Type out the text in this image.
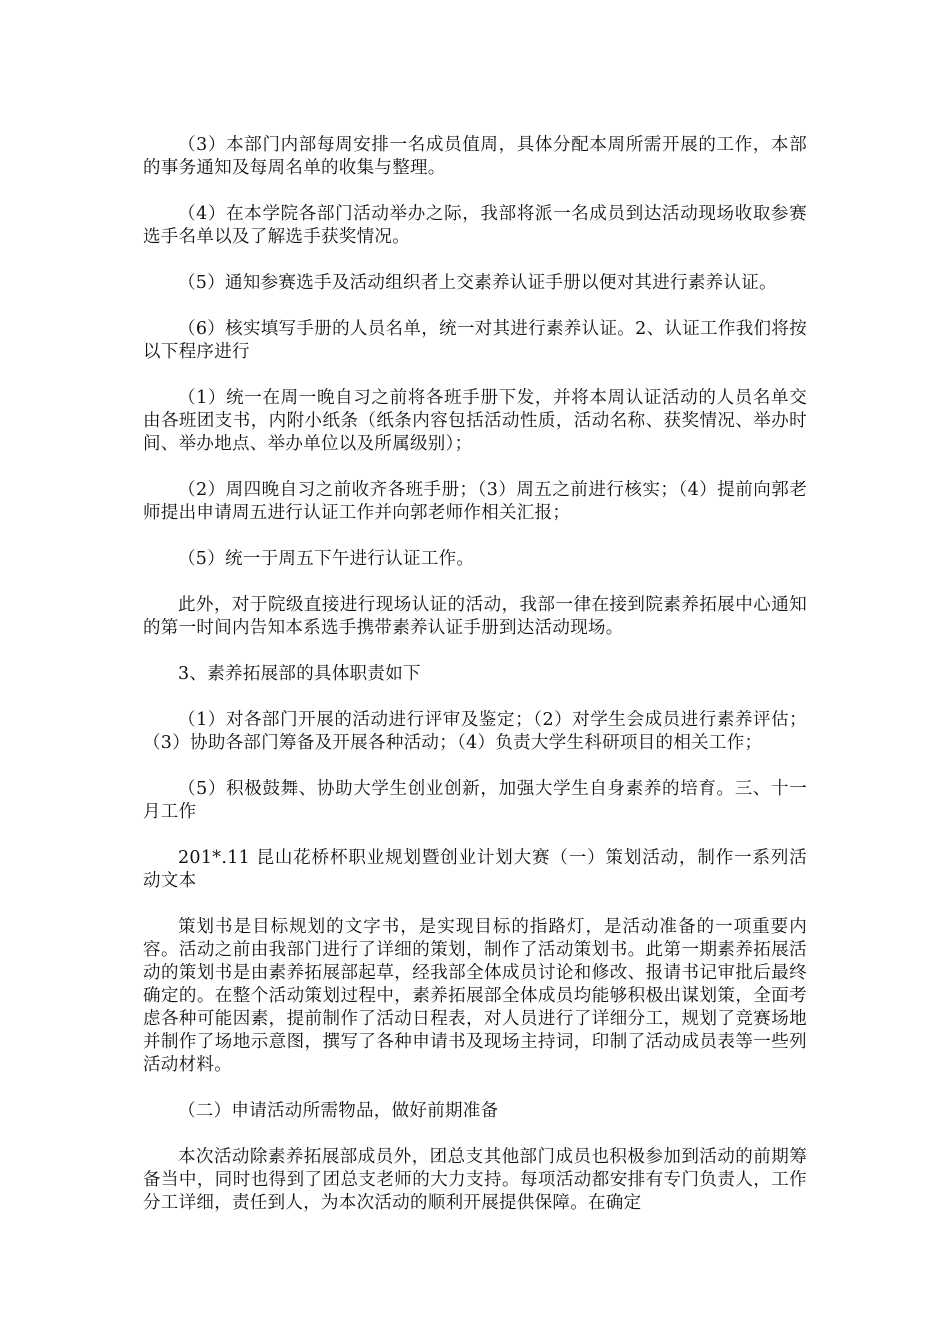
（3）本部门内部每周安排一名成员值周，具体分配本周所需开展的工作，本部的事务通知及每周名单的收集与整理。

（4）在本学院各部门活动举办之际，我部将派一名成员到达活动现场收取参赛选手名单以及了解选手获奖情况。

（5）通知参赛选手及活动组织者上交素养认证手册以便对其进行素养认证。

（6）核实填写手册的人员名单，统一对其进行素养认证。2、认证工作我们将按以下程序进行

（1）统一在周一晚自习之前将各班手册下发，并将本周认证活动的人员名单交由各班团支书，内附小纸条（纸条内容包括活动性质，活动名称、获奖情况、举办时间、举办地点、举办单位以及所属级别）；

（2）周四晚自习之前收齐各班手册；（3）周五之前进行核实；（4）提前向郭老师提出申请周五进行认证工作并向郭老师作相关汇报；

（5）统一于周五下午进行认证工作。

此外，对于院级直接进行现场认证的活动，我部一律在接到院素养拓展中心通知的第一时间内告知本系选手携带素养认证手册到达活动现场。

3、素养拓展部的具体职责如下

（1）对各部门开展的活动进行评审及鉴定；（2）对学生会成员进行素养评估；（3）协助各部门筹备及开展各种活动；（4）负责大学生科研项目的相关工作；

（5）积极鼓舞、协助大学生创业创新，加强大学生自身素养的培育。三、十一月工作

201*.11 昆山花桥杯职业规划暨创业计划大赛（一）策划活动，制作一系列活动文本

策划书是目标规划的文字书，是实现目标的指路灯，是活动准备的一项重要内容。活动之前由我部门进行了详细的策划，制作了活动策划书。此第一期素养拓展活动的策划书是由素养拓展部起草，经我部全体成员讨论和修改、报请书记审批后最终确定的。在整个活动策划过程中，素养拓展部全体成员均能够积极出谋划策，全面考虑各种可能因素，提前制作了活动日程表，对人员进行了详细分工，规划了竞赛场地并制作了场地示意图，撰写了各种申请书及现场主持词，印制了活动成员表等一些列活动材料。

（二）申请活动所需物品，做好前期准备

本次活动除素养拓展部成员外，团总支其他部门成员也积极参加到活动的前期筹备当中，同时也得到了团总支老师的大力支持。每项活动都安排有专门负责人，工作分工详细，责任到人，为本次活动的顺利开展提供保障。在确定
